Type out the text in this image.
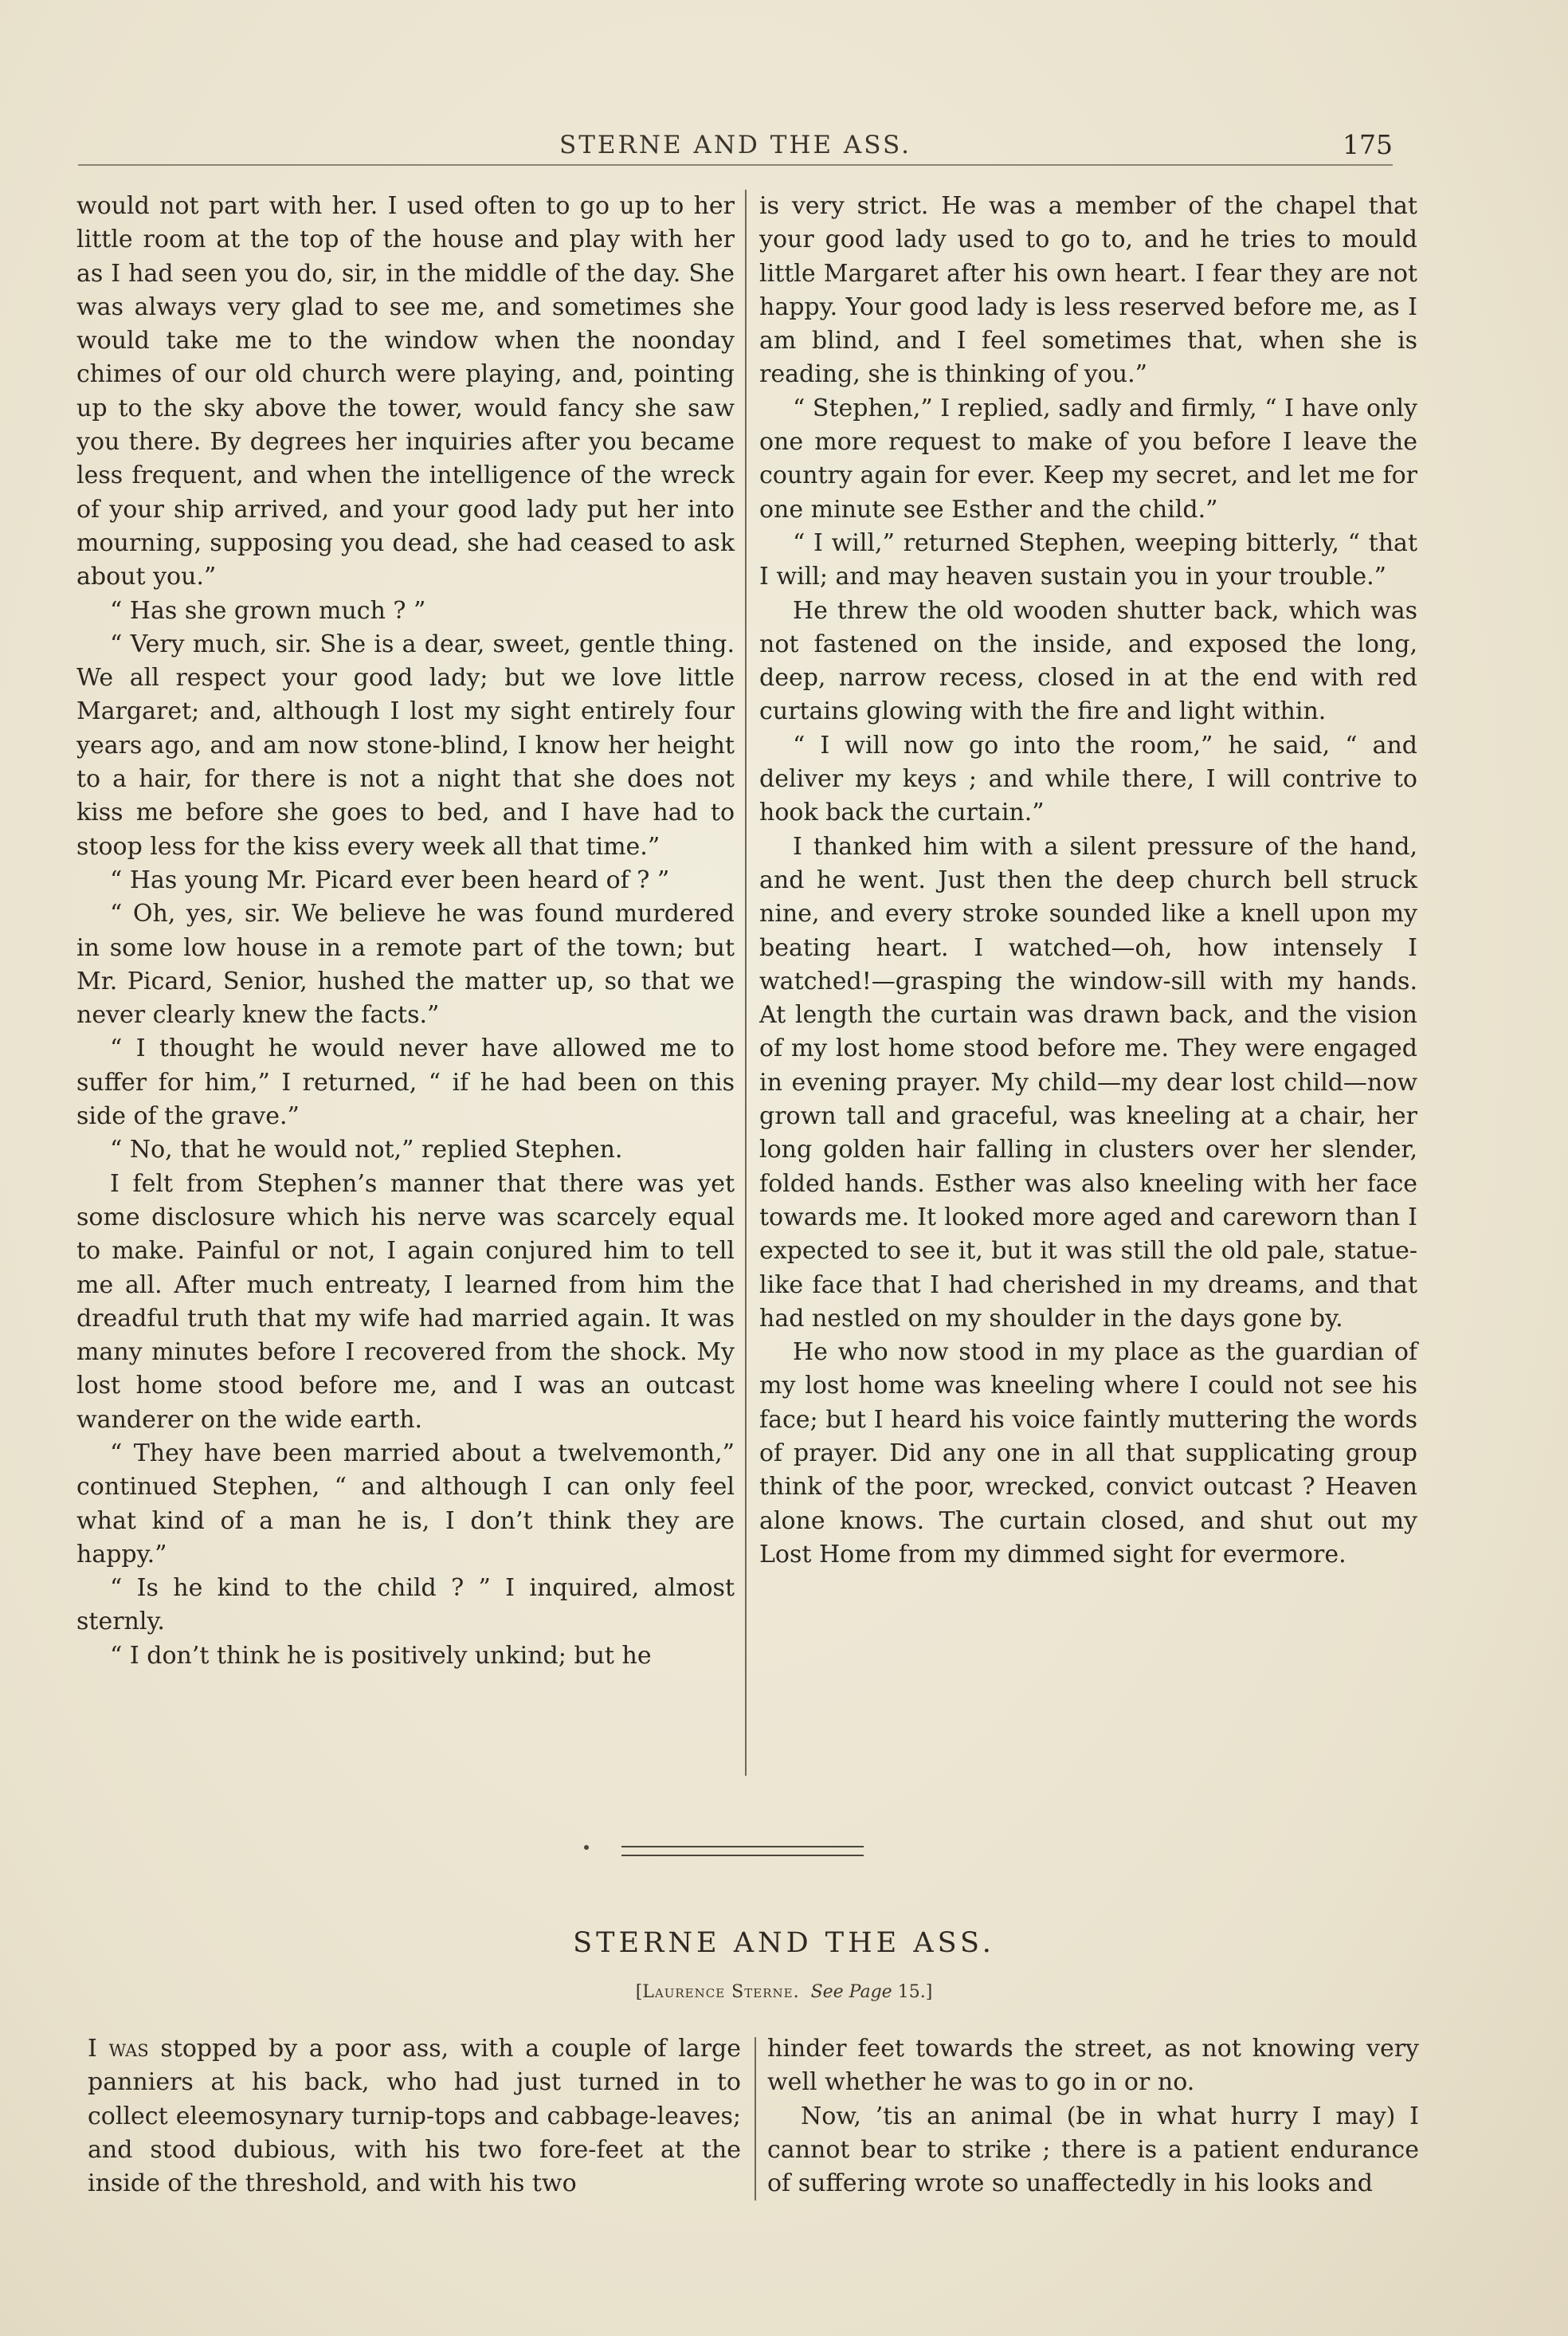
STERNE AND THE ASS.	175

would not part with her. I used often to go up to her little room at the top of the house and play with her as I had seen you do, sir, in the middle of the day. She was always very glad to see me, and sometimes she would take me to the window when the noonday chimes of our old church were playing, and, pointing up to the sky above the tower, would fancy she saw you there. By degrees her inquiries after you became less frequent, and when the intelligence of the wreck of your ship arrived, and your good lady put her into mourning, supposing you dead, she had ceased to ask about you.”

“ Has she grown much ? ”

“ Very much, sir. She is a dear, sweet, gentle thing. We all respect your good lady; but we love little Margaret; and, although I lost my sight entirely four years ago, and am now stone-blind, I know her height to a hair, for there is not a night that she does not kiss me before she goes to bed, and I have had to stoop less for the kiss every week all that time.”

“ Has young Mr. Picard ever been heard of ? ”

“ Oh, yes, sir. We believe he was found murdered in some low house in a remote part of the town; but Mr. Picard, Senior, hushed the matter up, so that we never clearly knew the facts.”

“ I thought he would never have allowed me to suffer for him,” I returned, “ if he had been on this side of the grave.”

“ No, that he would not,” replied Stephen.

I felt from Stephen’s manner that there was yet some disclosure which his nerve was scarcely equal to make. Painful or not, I again conjured him to tell me all. After much entreaty, I learned from him the dreadful truth that my wife had married again. It was many minutes before I recovered from the shock. My lost home stood before me, and I was an outcast wanderer on the wide earth.

“ They have been married about a twelvemonth,” continued Stephen, “ and although I can only feel what kind of a man he is, I don’t think they are happy.”

“ Is he kind to the child ? ” I inquired, almost sternly.

“ I don’t think he is positively unkind; but he

is very strict. He was a member of the chapel that your good lady used to go to, and he tries to mould little Margaret after his own heart. I fear they are not happy. Your good lady is less reserved before me, as I am blind, and I feel sometimes that, when she is reading, she is thinking of you.”

“ Stephen,” I replied, sadly and firmly, “ I have only one more request to make of you before I leave the country again for ever. Keep my secret, and let me for one minute see Esther and the child.”

“ I will,” returned Stephen, weeping bitterly, “ that I will; and may heaven sustain you in your trouble.”

He threw the old wooden shutter back, which was not fastened on the inside, and exposed the long, deep, narrow recess, closed in at the end with red curtains glowing with the fire and light within.

“ I will now go into the room,” he said, “ and deliver my keys ; and while there, I will contrive to hook back the curtain.”

I thanked him with a silent pressure of the hand, and he went. Just then the deep church bell struck nine, and every stroke sounded like a knell upon my beating heart. I watched—oh, how intensely I watched!—grasping the window-sill with my hands. At length the curtain was drawn back, and the vision of my lost home stood before me. They were engaged in evening prayer. My child—my dear lost child—now grown tall and graceful, was kneeling at a chair, her long golden hair falling in clusters over her slender, folded hands. Esther was also kneeling with her face towards me. It looked more aged and careworn than I expected to see it, but it was still the old pale, statue-like face that I had cherished in my dreams, and that had nestled on my shoulder in the days gone by.

He who now stood in my place as the guardian of my lost home was kneeling where I could not see his face; but I heard his voice faintly muttering the words of prayer. Did any one in all that supplicating group think of the poor, wrecked, convict outcast ? Heaven alone knows. The curtain closed, and shut out my Lost Home from my dimmed sight for evermore.

STERNE AND THE ASS.
[Laurence Sterne. See Page 15.]

I was stopped by a poor ass, with a couple of large panniers at his back, who had just turned in to collect eleemosynary turnip-tops and cabbage-leaves; and stood dubious, with his two fore-feet at the inside of the threshold, and with his two

hinder feet towards the street, as not knowing very well whether he was to go in or no.

Now, ’tis an animal (be in what hurry I may) I cannot bear to strike ; there is a patient endurance of suffering wrote so unaffectedly in his looks and
